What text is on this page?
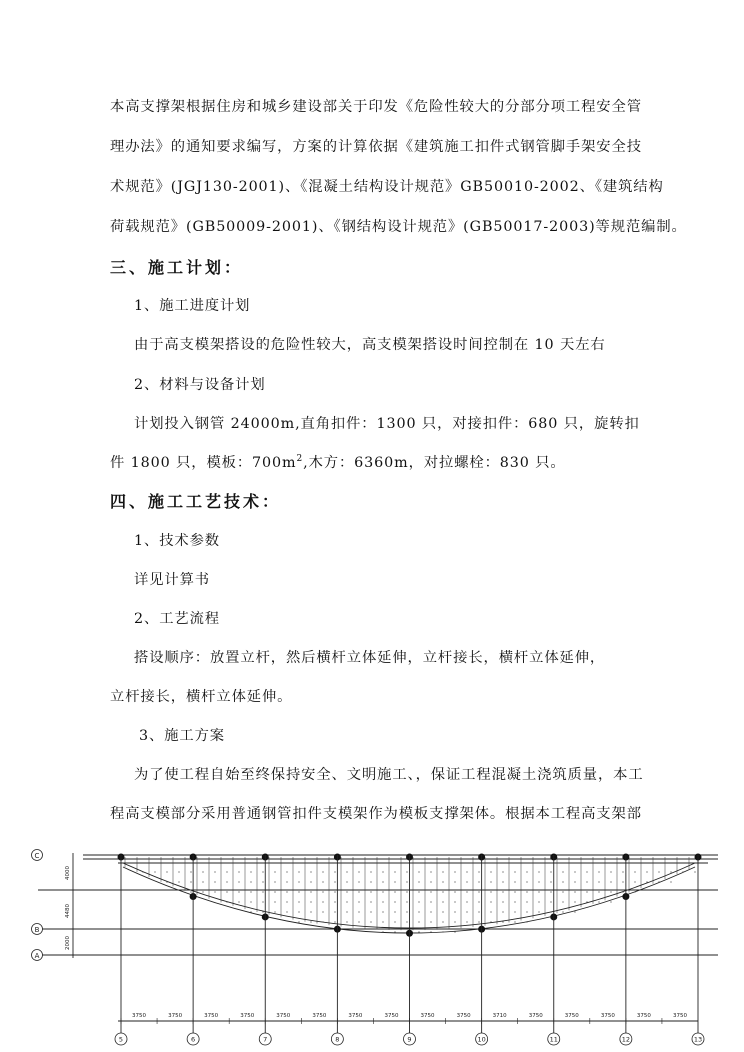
本高支撑架根据住房和城乡建设部关于印发《危险性较大的分部分项工程安全管
理办法》的通知要求编写，方案的计算依据《建筑施工扣件式钢管脚手架安全技
术规范》(JGJ130-2001)、《混凝土结构设计规范》GB50010-2002、《建筑结构
荷载规范》(GB50009-2001)、《钢结构设计规范》(GB50017-2003)等规范编制。
三、施工计划：
1、施工进度计划
由于高支模架搭设的危险性较大，高支模架搭设时间控制在 10 天左右
2、材料与设备计划
计划投入钢管 24000m,直角扣件：1300 只，对接扣件：680 只，旋转扣
件 1800 只，模板：$700m^2$,木方：6360m，对拉螺栓：830 只。
四、施工工艺技术：
1、技术参数
详见计算书
2、工艺流程
搭设顺序：放置立杆，然后横杆立体延伸，立杆接长，横杆立体延伸，
立杆接长，横杆立体延伸。
3、施工方案
为了使工程自始至终保持安全、文明施工、，保证工程混凝土浇筑质量，本工
程高支模部分采用普通钢管扣件支模架作为模板支撑架体。根据本工程高支架部
C
B
A
4000
4480
2000
5	6	7	8	9	10	11	12	13
3750	3750	3750	3750	3750	3750	3750	3750	3750	3750	3710	3750	3750	3750	3750	3750
